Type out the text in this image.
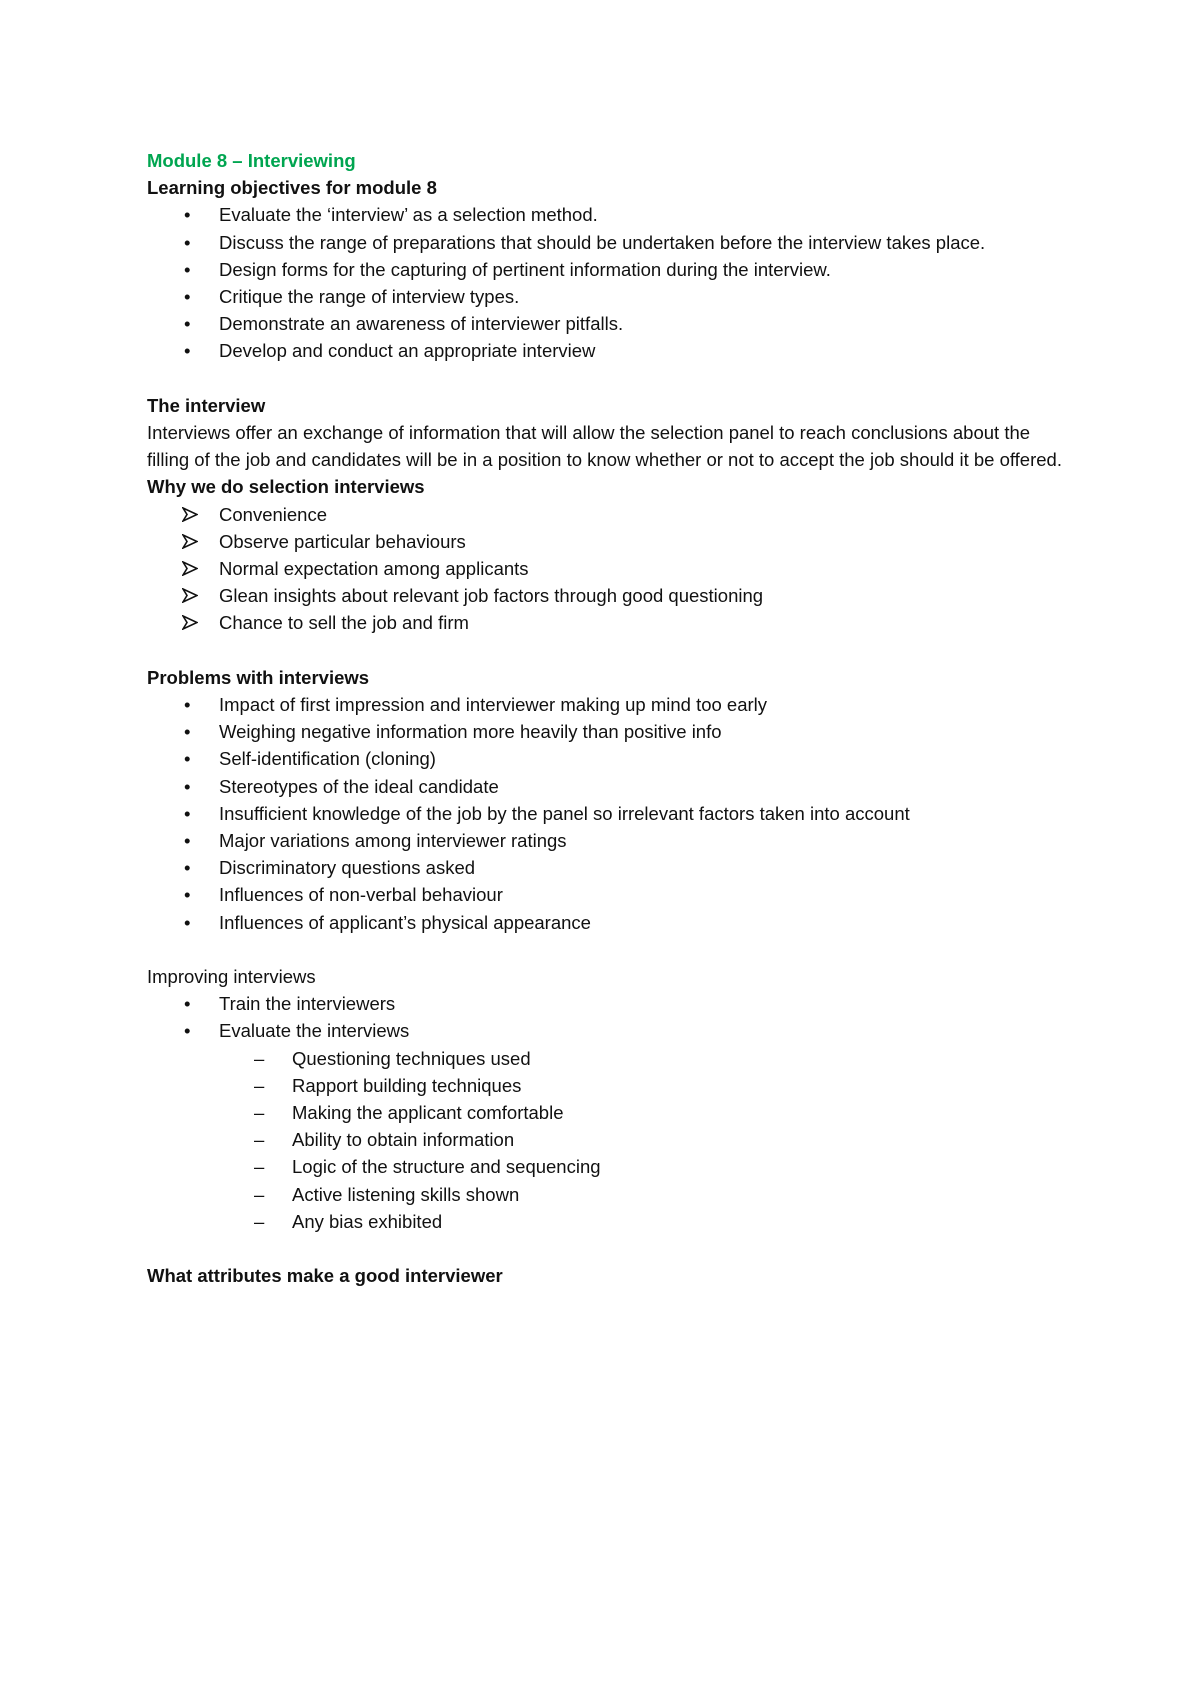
Module 8 – Interviewing

Learning objectives for module 8

• Evaluate the ‘interview’ as a selection method.
• Discuss the range of preparations that should be undertaken before the interview takes place.
• Design forms for the capturing of pertinent information during the interview.
• Critique the range of interview types.
• Demonstrate an awareness of interviewer pitfalls.
• Develop and conduct an appropriate interview

The interview

Interviews offer an exchange of information that will allow the selection panel to reach conclusions about the filling of the job and candidates will be in a position to know whether or not to accept the job should it be offered.

Why we do selection interviews

Convenience
Observe particular behaviours
Normal expectation among applicants
Glean insights about relevant job factors through good questioning
Chance to sell the job and firm

Problems with interviews

• Impact of first impression and interviewer making up mind too early
• Weighing negative information more heavily than positive info
• Self-identification (cloning)
• Stereotypes of the ideal candidate
• Insufficient knowledge of the job by the panel so irrelevant factors taken into account
• Major variations among interviewer ratings
• Discriminatory questions asked
• Influences of non-verbal behaviour
• Influences of applicant’s physical appearance

Improving interviews

• Train the interviewers
• Evaluate the interviews
– Questioning techniques used
– Rapport building techniques
– Making the applicant comfortable
– Ability to obtain information
– Logic of the structure and sequencing
– Active listening skills shown
– Any bias exhibited

What attributes make a good interviewer
